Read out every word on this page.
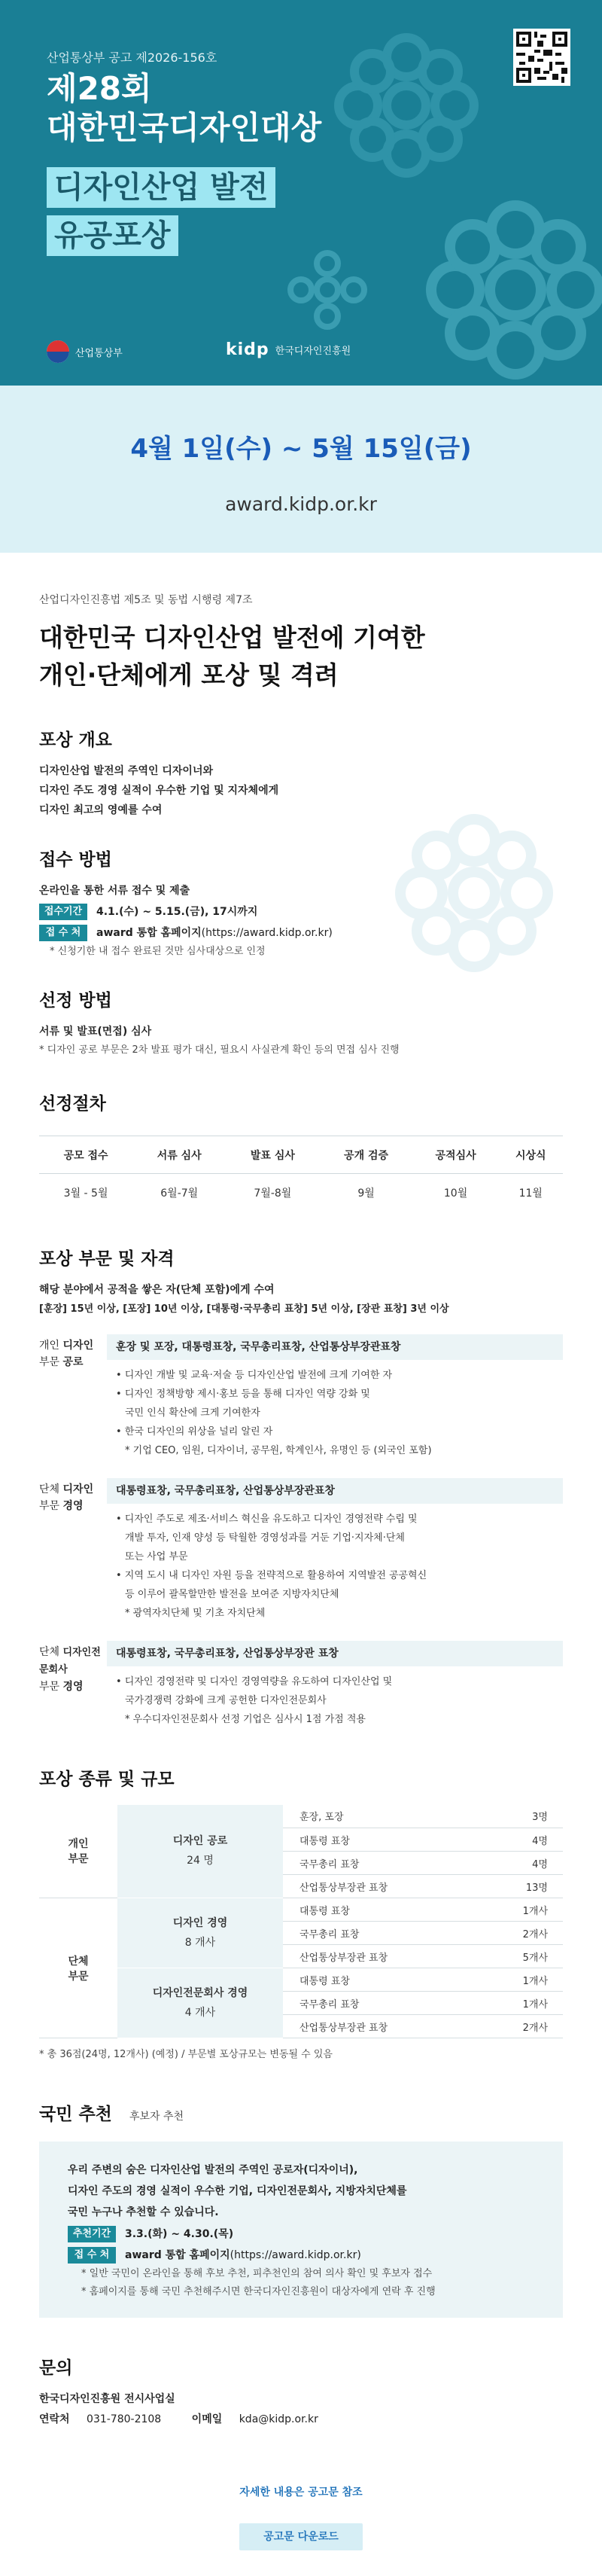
산업통상부 공고 제2026-156호
제28회
대한민국디자인대상
디자인산업 발전
유공포상
산업통상부	kidp 한국디자인진흥원
4월 1일(수) ~ 5월 15일(금)
award.kidp.or.kr
산업디자인진흥법 제5조 및 동법 시행령 제7조
대한민국 디자인산업 발전에 기여한
개인·단체에게 포상 및 격려
포상 개요
디자인산업 발전의 주역인 디자이너와
디자인 주도 경영 실적이 우수한 기업 및 지자체에게
디자인 최고의 영예를 수여
접수 방법
온라인을 통한 서류 접수 및 제출
접수기간	4.1.(수) ~ 5.15.(금), 17시까지
접 수 처	award 통합 홈페이지 (https://award.kidp.or.kr)
* 신청기한 내 접수 완료된 것만 심사대상으로 인정
선정 방법
서류 및 발표(면접) 심사
* 디자인 공로 부문은 2차 발표 평가 대신, 필요시 사실관계 확인 등의 면접 심사 진행
선정절차
공모 접수	서류 심사	발표 심사	공개 검증	공적심사	시상식
3월 - 5월	6월-7월	7월-8월	9월	10월	11월
포상 부문 및 자격
해당 분야에서 공적을 쌓은 자(단체 포함)에게 수여
[훈장] 15년 이상, [포장] 10년 이상, [대통령·국무총리 표창] 5년 이상, [장관 표창] 3년 이상
개인 디자인
부문 공로
훈장 및 포장, 대통령표창, 국무총리표창, 산업통상부장관표창
• 디자인 개발 및 교육·저술 등 디자인산업 발전에 크게 기여한 자
• 디자인 정책방향 제시·홍보 등을 통해 디자인 역량 강화 및
국민 인식 확산에 크게 기여한자
• 한국 디자인의 위상을 널리 알린 자
* 기업 CEO, 임원, 디자이너, 공무원, 학계인사, 유명인 등 (외국인 포함)
단체 디자인
부문 경영
대통령표창, 국무총리표창, 산업통상부장관표창
• 디자인 주도로 제조·서비스 혁신을 유도하고 디자인 경영전략 수립 및
개발 투자, 인재 양성 등 탁월한 경영성과를 거둔 기업·지자체·단체
또는 사업 부문
• 지역 도시 내 디자인 자원 등을 전략적으로 활용하여 지역발전 공공혁신
등 이루어 괄목할만한 발전을 보여준 지방자치단체
* 광역자치단체 및 기초 자치단체
단체 디자인전문회사
부문 경영
대통령표창, 국무총리표창, 산업통상부장관 표창
• 디자인 경영전략 및 디자인 경영역량을 유도하여 디자인산업 및
국가경쟁력 강화에 크게 공헌한 디자인전문회사
* 우수디자인전문회사 선정 기업은 심사시 1점 가점 적용
포상 종류 및 규모
개인
부문	디자인 공로
24 명	훈장, 포장	3명
		대통령 표창	4명
		국무총리 표창	4명
		산업통상부장관 표창	13명
단체
부문	디자인 경영
8 개사	대통령 표창	1개사
		국무총리 표창	2개사
		산업통상부장관 표창	5개사

	디자인전문회사 경영
4 개사	대통령 표창	1개사
		국무총리 표창	1개사
		산업통상부장관 표창	2개사
* 총 36점(24명, 12개사) (예정) / 부문별 포상규모는 변동될 수 있음
국민 추천 후보자 추천

우리 주변의 숨은 디자인산업 발전의 주역인 공로자(디자이너),

디자인 주도의 경영 실적이 우수한 기업, 디자인전문회사, 지방자치단체를

국민 누구나 추천할 수 있습니다.

추천기간	3.3.(화) ~ 4.30.(목)
접 수 처	award 통합 홈페이지 (https://award.kidp.or.kr)
* 일반 국민이 온라인을 통해 후보 추천, 피추천인의 참여 의사 확인 및 후보자 접수
* 홈페이지를 통해 국민 추천해주시면 한국디자인진흥원이 대상자에게 연락 후 진행
문의
한국디자인진흥원 전시사업실
연락처 031-780-2108	이메일 kda@kidp.or.kr
자세한 내용은 공고문 참조
공고문 다운로드
